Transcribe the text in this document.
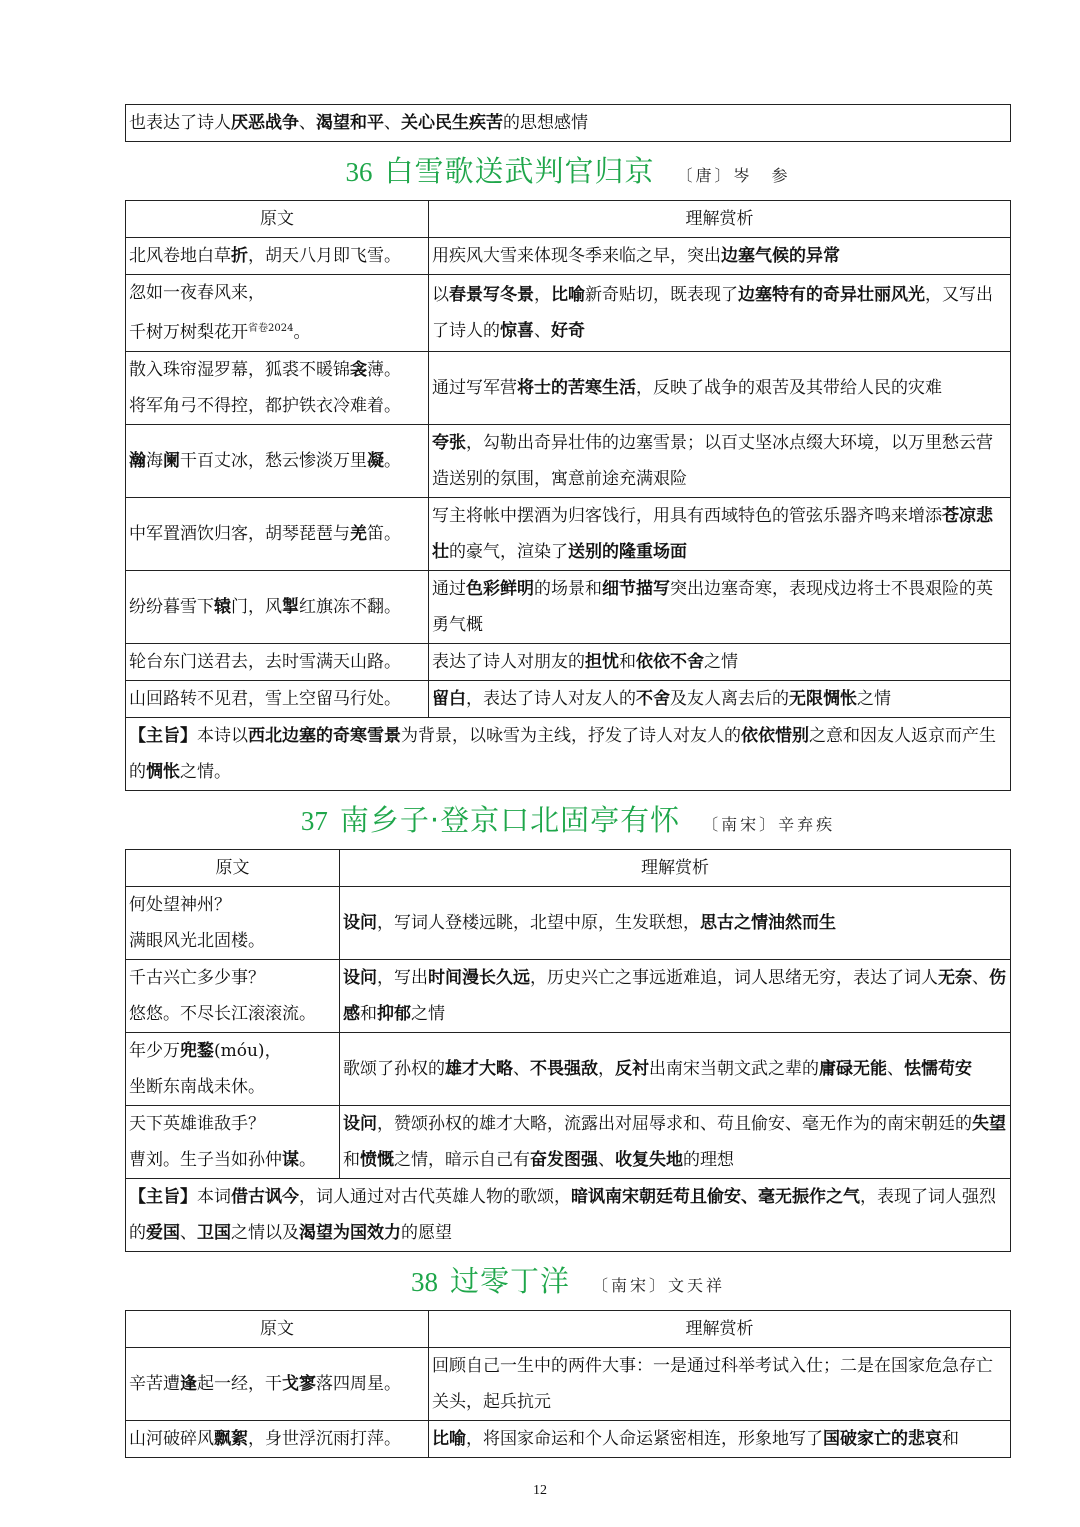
也表达了诗人厌恶战争、渴望和平、关心民生疾苦的思想感情
36 白雪歌送武判官归京 〔唐〕岑　参
原文	理解赏析

北风卷地白草折，胡天八月即飞雪。	用疾风大雪来体现冬季来临之早，突出边塞气候的异常

忽如一夜春风来，
千树万树梨花开$^{省卷2024}$。	以春景写冬景，比喻新奇贴切，既表现了边塞特有的奇异壮丽风光，又写出了诗人的惊喜、好奇

散入珠帘湿罗幕，狐裘不暖锦衾薄。
将军角弓不得控，都护铁衣冷难着。	通过写军营将士的苦寒生活，反映了战争的艰苦及其带给人民的灾难

瀚海阑干百丈冰，愁云惨淡万里凝。	夸张，勾勒出奇异壮伟的边塞雪景；以百丈坚冰点缀大环境，以万里愁云营造送别的氛围，寓意前途充满艰险

中军置酒饮归客，胡琴琵琶与羌笛。	写主将帐中摆酒为归客饯行，用具有西域特色的管弦乐器齐鸣来增添苍凉悲壮的豪气，渲染了送别的隆重场面

纷纷暮雪下辕门，风掣红旗冻不翻。	通过色彩鲜明的场景和细节描写突出边塞奇寒，表现戍边将士不畏艰险的英勇气概

轮台东门送君去，去时雪满天山路。	表达了诗人对朋友的担忧和依依不舍之情

山回路转不见君，雪上空留马行处。	留白，表达了诗人对友人的不舍及友人离去后的无限惆怅之情
【主旨】本诗以西北边塞的奇寒雪景为背景，以咏雪为主线，抒发了诗人对友人的依依惜别之意和因友人返京而产生的惆怅之情。	
37 南乡子·登京口北固亭有怀 〔南宋〕辛弃疾
原文	理解赏析

何处望神州？
满眼风光北固楼。	设问，写词人登楼远眺，北望中原，生发联想，思古之情油然而生

千古兴亡多少事？
悠悠。不尽长江滚滚流。	设问，写出时间漫长久远，历史兴亡之事远逝难追，词人思绪无穷，表达了词人无奈、伤感和抑郁之情

年少万兜鍪(móu)，
坐断东南战未休。	歌颂了孙权的雄才大略、不畏强敌，反衬出南宋当朝文武之辈的庸碌无能、怯懦苟安

天下英雄谁敌手？
曹刘。生子当如孙仲谋。	设问，赞颂孙权的雄才大略，流露出对屈辱求和、苟且偷安、毫无作为的南宋朝廷的失望和愤慨之情，暗示自己有奋发图强、收复失地的理想
【主旨】本词借古讽今，词人通过对古代英雄人物的歌颂，暗讽南宋朝廷苟且偷安、毫无振作之气，表现了词人强烈的爱国、卫国之情以及渴望为国效力的愿望	
38 过零丁洋 〔南宋〕文天祥
原文	理解赏析

辛苦遭逢起一经，干戈寥落四周星。	回顾自己一生中的两件大事：一是通过科举考试入仕；二是在国家危急存亡关头，起兵抗元

山河破碎风飘絮，身世浮沉雨打萍。	比喻，将国家命运和个人命运紧密相连，形象地写了国破家亡的悲哀和
12
